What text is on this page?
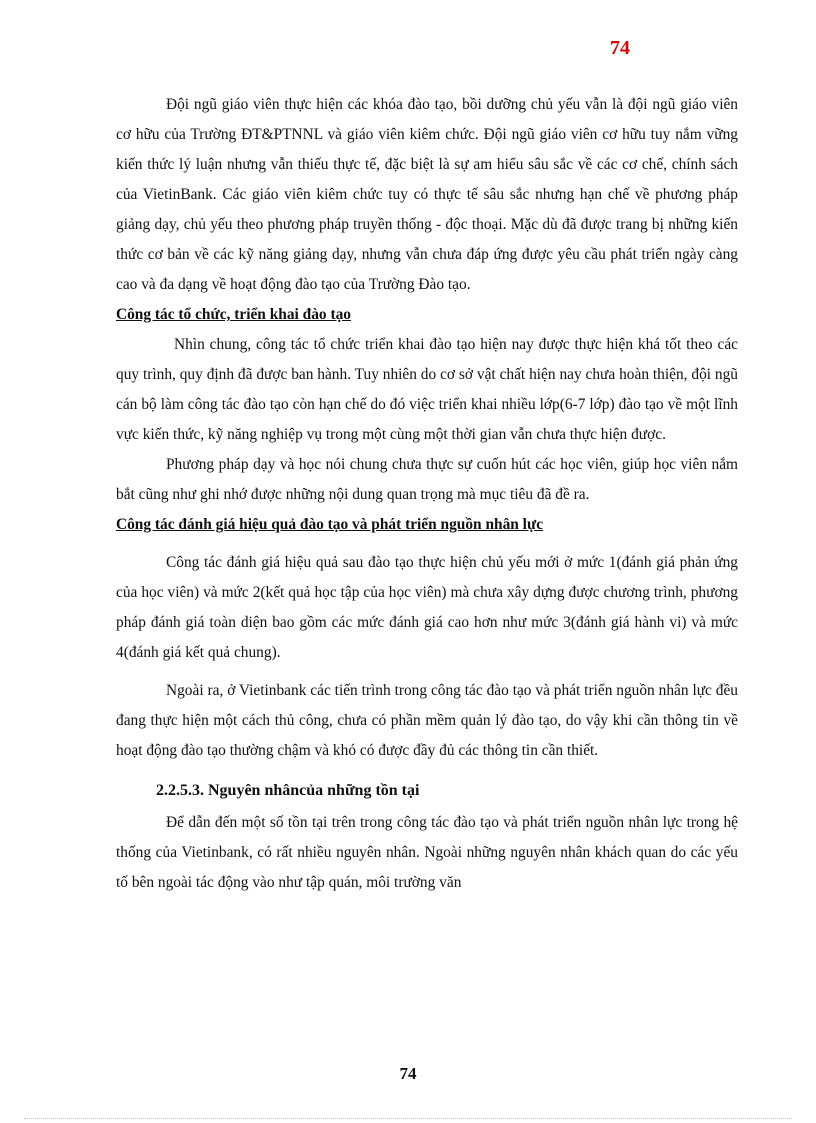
74

Đội ngũ giáo viên thực hiện các khóa đào tạo, bồi dưỡng chủ yếu vẫn là đội ngũ giáo viên cơ hữu của Trường ĐT&PTNNL và giáo viên kiêm chức. Đội ngũ giáo viên cơ hữu tuy nắm vững kiến thức lý luận nhưng vẫn thiếu thực tế, đặc biệt là sự am hiểu sâu sắc về các cơ chế, chính sách của VietinBank. Các giáo viên kiêm chức tuy có thực tế sâu sắc nhưng hạn chế về phương pháp giảng dạy, chủ yếu theo phương pháp truyền thống - độc thoại. Mặc dù đã được trang bị những kiến thức cơ bản về các kỹ năng giảng dạy, nhưng vẫn chưa đáp ứng được yêu cầu phát triển ngày càng cao và đa dạng về hoạt động đào tạo của Trường Đào tạo.

Công tác tổ chức, triển khai đào tạo

Nhìn chung, công tác tổ chức triển khai đào tạo hiện nay được thực hiện khá tốt theo các quy trình, quy định đã được ban hành. Tuy nhiên do cơ sở vật chất hiện nay chưa hoàn thiện, đội ngũ cán bộ làm công tác đào tạo còn hạn chế do đó việc triển khai nhiều lớp(6-7 lớp) đào tạo về một lĩnh vực kiến thức, kỹ năng nghiệp vụ trong một cùng một thời gian vẫn chưa thực hiện được.

Phương pháp dạy và học nói chung chưa thực sự cuốn hút các học viên, giúp học viên nắm bắt cũng như ghi nhớ được những nội dung quan trọng mà mục tiêu đã đề ra.

Công tác đánh giá hiệu quả đào tạo và phát triển nguồn nhân lực

Công tác đánh giá hiệu quả sau đào tạo thực hiện chủ yếu mới ở mức 1(đánh giá phản ứng của học viên) và mức 2(kết quả học tập của học viên) mà chưa xây dựng được chương trình, phương pháp đánh giá toàn diện bao gồm các mức đánh giá cao hơn như mức 3(đánh giá hành vi) và mức 4(đánh giá kết quả chung).

Ngoài ra, ở Vietinbank các tiến trình trong công tác đào tạo và phát triển nguồn nhân lực đều đang thực hiện một cách thủ công, chưa có phần mềm quản lý đào tạo, do vậy khi cần thông tin về hoạt động đào tạo thường chậm và khó có được đầy đủ các thông tin cần thiết.

2.2.5.3. Nguyên nhâncủa những tồn tại

Để dẫn đến một số tồn tại trên trong công tác đào tạo và phát triển nguồn nhân lực trong hệ thống của Vietinbank, có rất nhiều nguyên nhân. Ngoài những nguyên nhân khách quan do các yếu tố bên ngoài tác động vào như tập quán, môi trường văn

74
